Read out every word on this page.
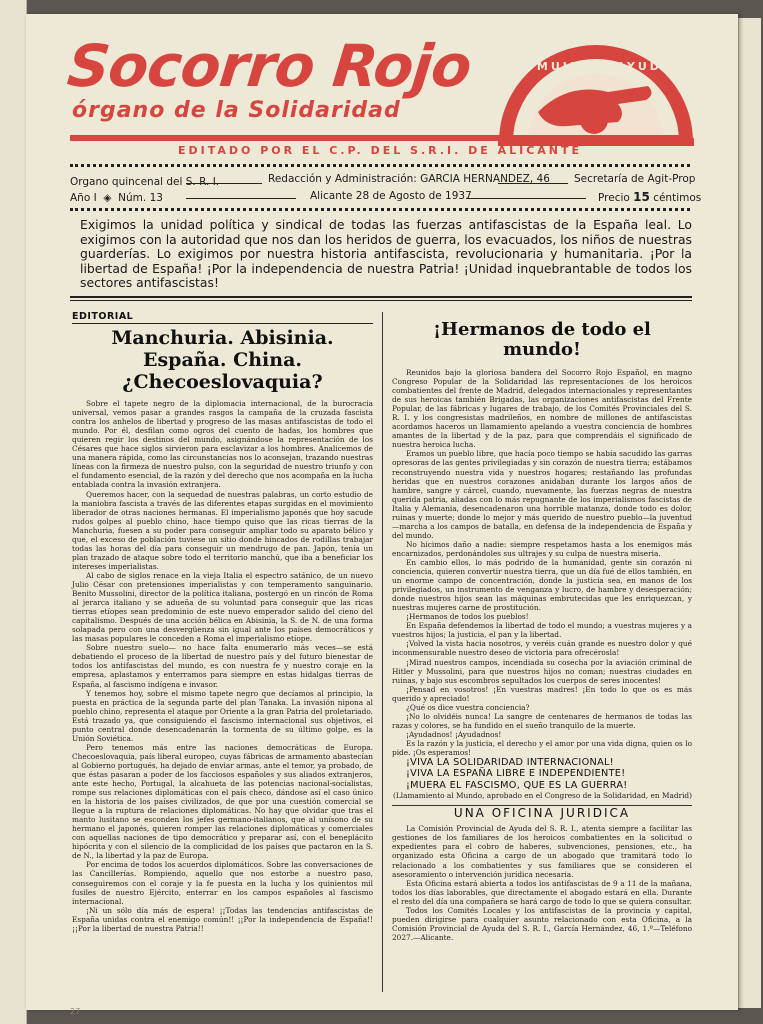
Socorro Rojo
órgano de la Solidaridad
A MUJER Y AYUDA
EDITADO POR EL C.P. DEL S.R.I. DE ALICANTE
Organo quincenal del S. R. I.	Redacción y Administración: GARCIA HERNANDEZ, 46 Secretaría de Agit-Prop
Año I  ◈  Núm. 13	Alicante 28 de Agosto de 1937	Precio 15 céntimos

Exigimos la unidad política y sindical de todas las fuerzas antifascistas de la España leal. Lo exigimos con la autoridad que nos dan los heridos de guerra, los evacuados, los niños de nuestras guarderías. Lo exigimos por nuestra historia antifascista, revolucionaria y humanitaria. ¡Por la libertad de España! ¡Por la independencia de nuestra Patria! ¡Unidad inquebrantable de todos los sectores antifascistas!

EDITORIAL
Manchuria. Abisinia. España. China. ¿Checoeslovaquia?

Sobre el tapete negro de la diplomacia internacional, de la burocracia universal, vemos pasar a grandes rasgos la campaña de la cruzada fascista contra los anhelos de libertad y progreso de las masas antifascistas de todo el mundo. Por él, desfilan como ogros del cuento de hadas, los hombres que quieren regir los destinos del mundo, asignándose la representación de los Césares que hace siglos sirvieron para esclavizar a los hombres. Analicemos de una manera rápida, como las circunstancias nos lo aconsejan, trazando nuestras líneas con la firmeza de nuestro pulso, con la seguridad de nuestro triunfo y con el fundamento esencial, de la razón y del derecho que nos acompaña en la lucha entablada contra la invasión extranjera.

Queremos hacer, con la sequedad de nuestras palabras, un corto estudio de la maniobra fascista a través de las diferentes etapas surgidas en el movimiento liberador de otras naciones hermanas. El imperialismo japonés que hoy sacude rudos golpes al pueblo chino, hace tiempo quiso que las ricas tierras de la Manchuria, fuesen a su poder para conseguir ampliar todo su aparato bélico y que, el exceso de población tuviese un sitio donde hincados de rodillas trabajar todas las horas del día para conseguir un mendrugo de pan. Japón, tenía un plan trazado de ataque sobre todo el territorio manchú, que iba a beneficiar los intereses imperialistas.

Al cabo de siglos renace en la vieja Italia el espectro satánico, de un nuevo Julio César con pretensiones imperialistas y con temperamento sanguinario. Benito Mussolini, director de la política italiana, postergó en un rincón de Roma al jerarca italiano y se adueña de su voluntad para conseguir que las ricas tierras etíopes sean predominio de este nuevo emperador salido del cieno del capitalismo. Después de una acción bélica en Abisinia, la S. de N. de una forma solapada pero con una desvergüenza sin igual ante los países democráticos y las masas populares le conceden a Roma el imperialismo etíope.

Sobre nuestro suelo— no hace falta enumerarlo más veces—se está debatiendo el proceso de la libertad de nuestro país y del futuro bienestar de todos los antifascistas del mundo, es con nuestra fe y nuestro coraje en la empresa, aplastamos y enterramos para siempre en estas hidalgas tierras de España, al fascismo indígena e invasor.

Y tenemos hoy, sobre el mismo tapete negro que decíamos al principio, la puesta en práctica de la segunda parte del plan Tanaka. La invasión nipona al pueblo chino, representa el ataque por Oriente a la gran Patria del proletariado. Está trazado ya, que consiguiendo el fascismo internacional sus objetivos, el punto central donde desencadenarán la tormenta de su último golpe, es la Unión Soviética.

Pero tenemos más entre las naciones democráticas de Europa. Checoeslovaquia, país liberal europeo, cuyas fábricas de armamento abastecían al Gobierno portugués, ha dejado de enviar armas, ante el temor, ya probado, de que éstas pasaran a poder de los facciosos españoles y sus aliados extranjeros, ante este hecho, Portugal, la alcahueta de las potencias nacional-socialistas, rompe sus relaciones diplomáticas con el país checo, dándose así el caso único en la historia de los países civilizados, de que por una cuestión comercial se llegue a la ruptura de relaciones diplomáticas. No hay que olvidar que tras el manto lusitano se esconden los jefes germano-italianos, que al unísono de su hermano el japonés, quieren romper las relaciones diplomáticas y comerciales con aquellas naciones de tipo democrático y preparar así, con el beneplácito hipócrita y con el silencio de la complicidad de los países que pactaron en la S. de N., la libertad y la paz de Europa.

Por encima de todos los acuerdos diplomáticos. Sobre las conversaciones de las Cancillerías. Rompiendo, aquello que nos estorbe a nuestro paso, conseguiremos con el coraje y la fe puesta en la lucha y los quinientos mil fusiles de nuestro Ejército, enterrar en los campos españoles al fascismo internacional.

¡Ni un sólo día más de espera! ¡¡Todas las tendencias antifascistas de España unidas contra el enemigo común!! ¡¡Por la independencia de España!! ¡¡Por la libertad de nuestra Patria!!

¡Hermanos de todo el mundo!

Reunidos bajo la gloriosa bandera del Socorro Rojo Español, en magno Congreso Popular de la Solidaridad las representaciones de los heroicos combatientes del frente de Madrid, delegados internacionales y representantes de sus heroicas también Brigadas, las organizaciones antifascistas del Frente Popular, de las fábricas y lugares de trabajo, de los Comités Provinciales del S. R. I. y los congresistas madrileños, en nombre de millones de antifascistas acordamos haceros un llamamiento apelando a vuestra conciencia de hombres amantes de la libertad y de la paz, para que comprendáis el significado de nuestra heroica lucha.

Eramos un pueblo libre, que hacía poco tiempo se había sacudido las garras opresoras de las gentes privilegiadas y sin corazón de nuestra tierra; estábamos reconstruyendo nuestra vida y nuestros hogares; restañando las profundas heridas que en nuestros corazones anidaban durante los largos años de hambre, sangre y cárcel, cuando, nuevamente, las fuerzas negras de nuestra querida patria, aliadas con lo más repugnante de los imperialismos fascistas de Italia y Alemania, desencadenaron una horrible matanza, donde todo es dolor, ruinas y muerte; donde lo mejor y más querido de nuestro pueblo—la juventud—marcha a los campos de batalla, en defensa de la independencia de España y del mundo.

No hicimos daño a nadie: siempre respetamos hasta a los enemigos más encarnizados, perdonándoles sus ultrajes y su culpa de nuestra miseria.

En cambio ellos, lo más podrido de la humanidad, gente sin corazón ni conciencia, quieren convertir nuestra tierra, que un día fué de ellos también, en un enorme campo de concentración, donde la justicia sea, en manos de los privilegiados, un instrumento de venganza y lucro, de hambre y desesperación; donde nuestros hijos sean las máquinas embrutecidas que les enriquezcan, y nuestras mujeres carne de prostitución.

¡Hermanos de todos los pueblos!

En España defendemos la libertad de todo el mundo; a vuestras mujeres y a vuestros hijos; la justicia, el pan y la libertad.

¡Volved la vista hacia nosotros, y veréis cuán grande es nuestro dolor y qué inconmensurable nuestro deseo de victoria para ofrecérosla!

¡Mirad nuestros campos, incendiada su cosecha por la aviación criminal de Hitler y Mussolini, para que nuestros hijos no coman; nuestras ciudades en ruinas, y bajo sus escombros sepultados los cuerpos de seres inocentes!

¡Pensad en vosotros! ¡En vuestras madres! ¡En todo lo que os es más querido y apreciado!

¿Qué os dice vuestra conciencia?

¡No lo olvidéis nunca! La sangre de centenares de hermanos de todas las razas y colores, se ha fundido en el sueño tranquilo de la muerte.

¡Ayudadnos! ¡Ayudadnos!

Es la razón y la justicia, el derecho y el amor por una vida digna, quien os lo pide. ¡Os esperamos!

¡VIVA LA SOLIDARIDAD INTERNACIONAL!

¡VIVA LA ESPAÑA LIBRE E INDEPENDIENTE!

¡MUERA EL FASCISMO, QUE ES LA GUERRA!

(Llamamiento al Mundo, aprobado en el Congreso de la Solidaridad, en Madrid)

UNA OFICINA JURIDICA

La Comisión Provincial de Ayuda del S. R. I., atenta siempre a facilitar las gestiones de los familiares de los heroicos combatientes en la solicitud o expedientes para el cobro de haberes, subvenciones, pensiones, etc., ha organizado esta Oficina a cargo de un abogado que tramitará todo lo relacionado a los combatientes y sus familiares que se consideren el asesoramiento o intervención jurídica necesaria.

Esta Oficina estará abierta a todos los antifascistas de 9 a 11 de la mañana, todos los días laborables, que directamente el abogado estará en ella. Durante el resto del día una compañera se hará cargo de todo lo que se quiera consultar.

Todos los Comités Locales y los antifascistas de la provincia y capital, pueden dirigirse para cualquier asunto relacionado con esta Oficina, a la Comisión Provincial de Ayuda del S. R. I., García Hernández, 46, 1.º—Teléfono 2027.—Alicante.

27
